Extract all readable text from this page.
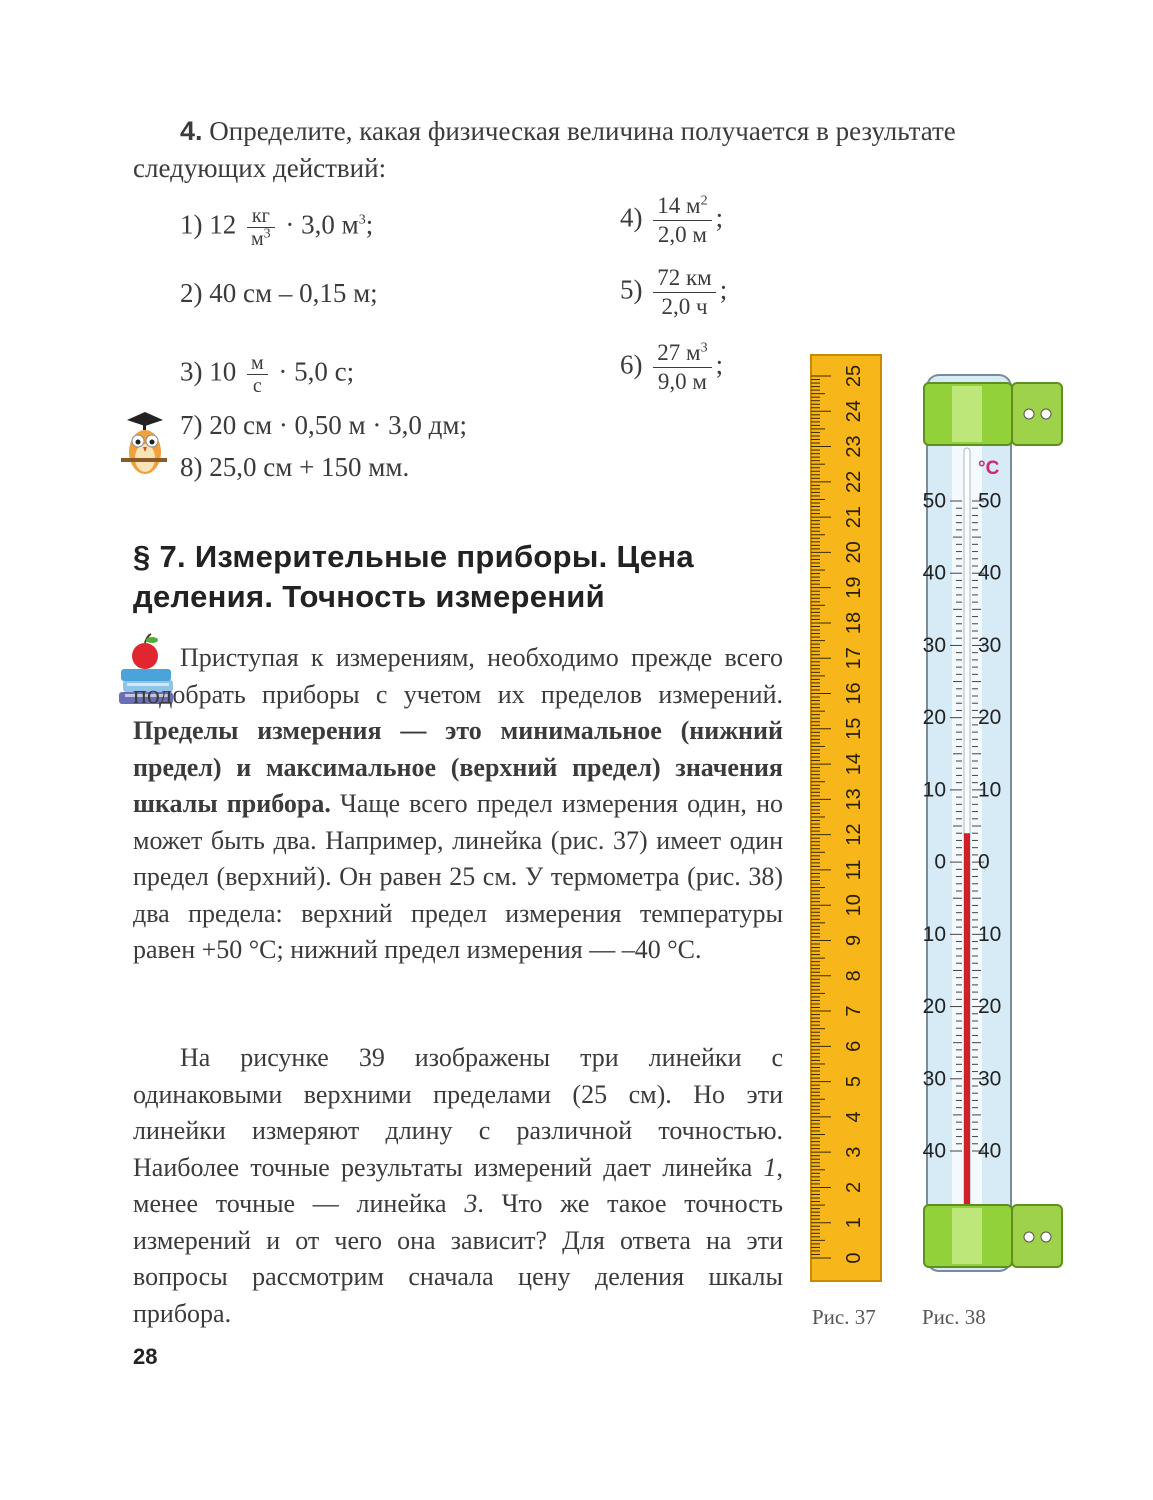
4. Определите, какая физическая величина получается в результате следующих действий:
1) $12 \frac{кг}{м^3} \cdot 3,0$ $м^3$;
2) 40 см – 0,15 м;
3) $10 \frac{м}{с} \cdot 5,0$ с;
7) 20 см · 0,50 м · 3,0 дм;
8) 25,0 см + 150 мм.
$4) \frac{14 м^2}{2,0 м}$ ;
$5) \frac{72 км}{2,0 ч}$ ;
$6) \frac{27 м^3}{9,0 м}$ ;
§ 7. Измерительные приборы. Цена деления. Точность измерений
Приступая к измерениям, необходимо прежде всего подобрать приборы с учетом их пределов измерений. Пределы измерения — это минимальное (нижний предел) и максимальное (верхний предел) значения шкалы прибора. Чаще всего предел измерения один, но может быть два. Например, линейка (рис. 37) имеет один предел (верхний). Он равен 25 см. У термометра (рис. 38) два предела: верхний предел измерения температуры равен +50 °C; нижний предел измерения — –40 °C.
На рисунке 39 изображены три линейки с одинаковыми верхними пределами (25 см). Но эти линейки измеряют длину с различной точностью. Наиболее точные результаты измерений дает линейка 1, менее точные — линейка 3. Что же такое точность измерений и от чего она зависит? Для ответа на эти вопросы рассмотрим сначала цену деления шкалы прибора.
28
0
1
2
3
4
5
6
7
8
9
10
11
12
13
14
15
16
17
18
19
20
21
22
23
24
25
50 50
40 40
30 30
20 20
10 10
0 0
10 10
20 20
30 30
40 40
°C
Рис. 37 Рис. 38
